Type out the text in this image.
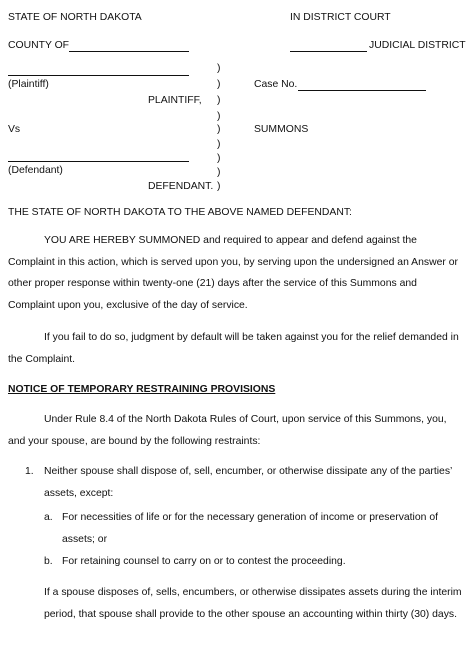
STATE OF NORTH DAKOTA	IN DISTRICT COURT
COUNTY OF	JUDICIAL DISTRICT
(Plaintiff)
PLAINTIFF,
Vs
(Defendant)
DEFENDANT.
)
)
)
)
)
)
)
)
)
Case No.
SUMMONS
THE STATE OF NORTH DAKOTA TO THE ABOVE NAMED DEFENDANT:

YOU ARE HEREBY SUMMONED and required to appear and defend against the Complaint in this action, which is served upon you, by serving upon the undersigned an Answer or other proper response within twenty-one (21) days after the service of this Summons and Complaint upon you, exclusive of the day of service.

If you fail to do so, judgment by default will be taken against you for the relief demanded in the Complaint.

NOTICE OF TEMPORARY RESTRAINING PROVISIONS

Under Rule 8.4 of the North Dakota Rules of Court, upon service of this Summons, you, and your spouse, are bound by the following restraints:

1. Neither spouse shall dispose of, sell, encumber, or otherwise dissipate any of the parties’ assets, except:

a. For necessities of life or for the necessary generation of income or preservation of assets; or

b. For retaining counsel to carry on or to contest the proceeding.

If a spouse disposes of, sells, encumbers, or otherwise dissipates assets during the interim period, that spouse shall provide to the other spouse an accounting within thirty (30) days.
